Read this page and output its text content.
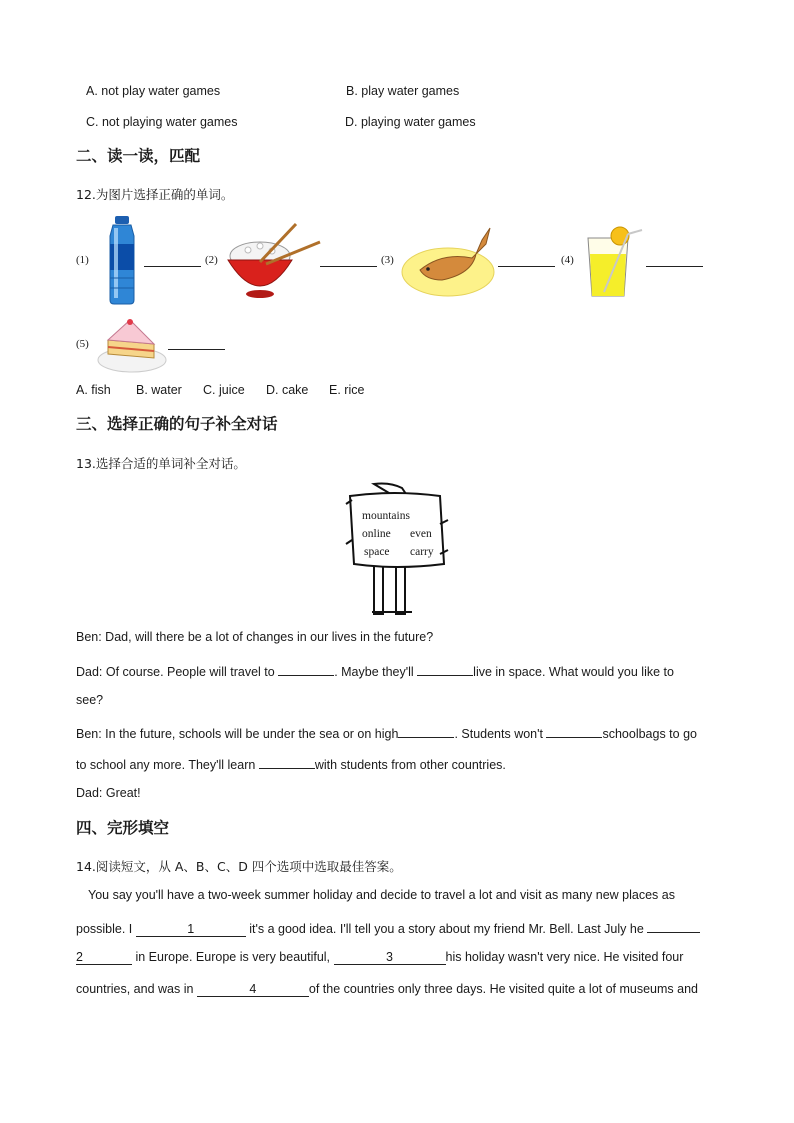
A. not play water games	B. play water games
C. not playing water games	D. playing water games
二、读一读，匹配
12.为图片选择正确的单词。
(1)	(2)	(3)	(4)
(5)
A. fish B. water C. juice D. cake E. rice
三、选择正确的句子补全对话
13.选择合适的单词补全对话。
mountains
online even
space carry
Ben: Dad, will there be a lot of changes in our lives in the future?
Dad: Of course. People will travel to	. Maybe they'll	live in space. What would you like to
see?
Ben: In the future, schools will be under the sea or on high	. Students won't	schoolbags to go
to school any more. They'll learn	with students from other countries.
Dad: Great!
四、完形填空
14.阅读短文，从 A、B、C、D 四个选项中选取最佳答案。
You say you'll have a two-week summer holiday and decide to travel a lot and visit as many new places as
possible. I	1	it's a good idea. I'll tell you a story about my friend Mr. Bell. Last July he
2	in Europe. Europe is very beautiful,	3	his holiday wasn't very nice. He visited four
countries, and was in	4	of the countries only three days. He visited quite a lot of museums and
